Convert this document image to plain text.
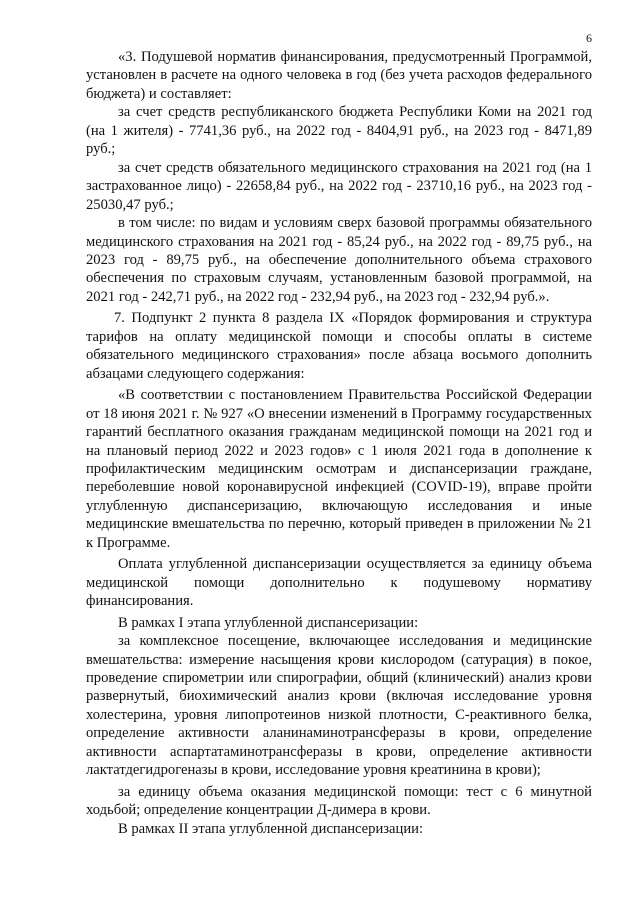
6

«3. Подушевой норматив финансирования, предусмотренный Программой, установлен в расчете на одного человека в год (без учета расходов федерального бюджета) и составляет:

за счет средств республиканского бюджета Республики Коми на 2021 год (на 1 жителя) - 7741,36 руб., на 2022 год - 8404,91 руб., на 2023 год - 8471,89 руб.;

за счет средств обязательного медицинского страхования на 2021 год (на 1 застрахованное лицо) - 22658,84 руб., на 2022 год - 23710,16 руб., на 2023 год - 25030,47 руб.;

в том числе: по видам и условиям сверх базовой программы обязательного медицинского страхования на 2021 год - 85,24 руб., на 2022 год - 89,75 руб., на 2023 год - 89,75 руб., на обеспечение дополнительного объема страхового обеспечения по страховым случаям, установленным базовой программой, на 2021 год - 242,71 руб., на 2022 год - 232,94 руб., на 2023 год - 232,94 руб.».

7. Подпункт 2 пункта 8 раздела IX «Порядок формирования и структура тарифов на оплату медицинской помощи и способы оплаты в системе обязательного медицинского страхования» после абзаца восьмого дополнить абзацами следующего содержания:

«В соответствии с постановлением Правительства Российской Федерации от 18 июня 2021 г. № 927 «О внесении изменений в Программу государственных гарантий бесплатного оказания гражданам медицинской помощи на 2021 год и на плановый период 2022 и 2023 годов» с 1 июля 2021 года в дополнение к профилактическим медицинским осмотрам и диспансеризации граждане, переболевшие новой коронавирусной инфекцией (COVID-19), вправе пройти углубленную диспансеризацию, включающую исследования и иные медицинские вмешательства по перечню, который приведен в приложении № 21 к Программе.

Оплата углубленной диспансеризации осуществляется за единицу объема медицинской помощи дополнительно к подушевому нормативу финансирования.

В рамках I этапа углубленной диспансеризации:

за комплексное посещение, включающее исследования и медицинские вмешательства: измерение насыщения крови кислородом (сатурация) в покое, проведение спирометрии или спирографии, общий (клинический) анализ крови развернутый, биохимический анализ крови (включая исследование уровня холестерина, уровня липопротеинов низкой плотности, С-реактивного белка, определение активности аланинаминотрансферазы в крови, определение активности аспартатаминотрансферазы в крови, определение активности лактатдегидрогеназы в крови, исследование уровня креатинина в крови);

за единицу объема оказания медицинской помощи: тест с 6 минутной ходьбой; определение концентрации Д-димера в крови.

В рамках II этапа углубленной диспансеризации:
